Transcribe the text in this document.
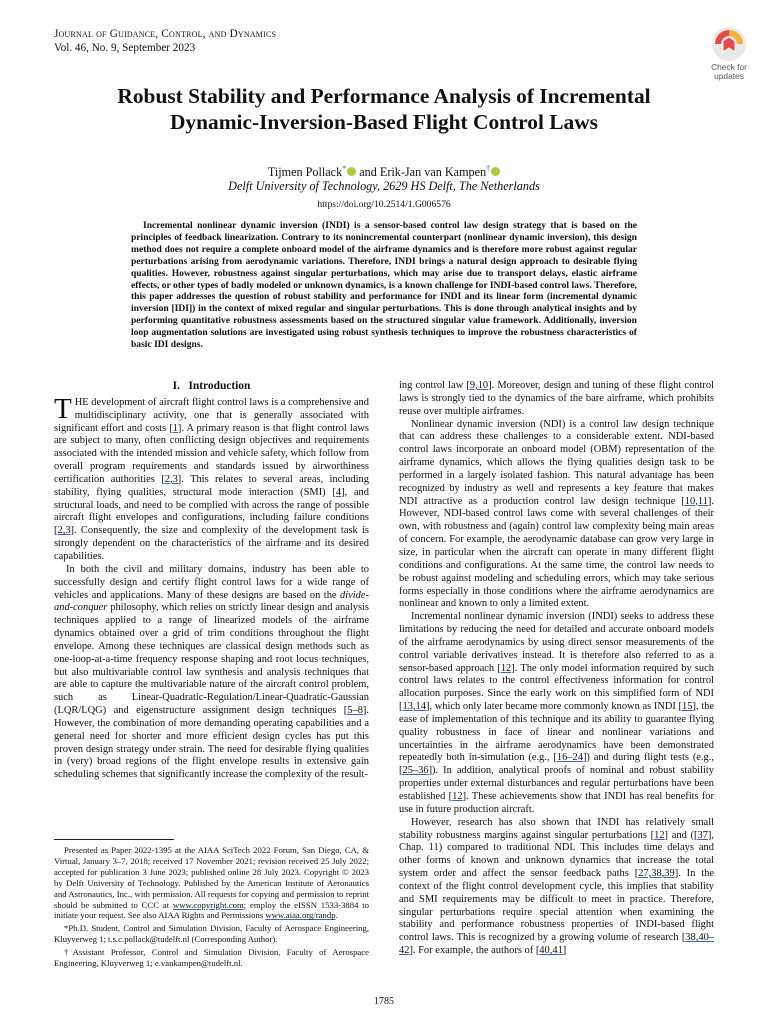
Journal of Guidance, Control, and Dynamics
Vol. 46, No. 9, September 2023
Check for
updates
Robust Stability and Performance Analysis of Incremental
Dynamic-Inversion-Based Flight Control Laws
Tijmen Pollack* and Erik-Jan van Kampen†
Delft University of Technology, 2629 HS Delft, The Netherlands
https://doi.org/10.2514/1.G006576
Incremental nonlinear dynamic inversion (INDI) is a sensor-based control law design strategy that is based on the principles of feedback linearization. Contrary to its nonincremental counterpart (nonlinear dynamic inversion), this design method does not require a complete onboard model of the airframe dynamics and is therefore more robust against regular perturbations arising from aerodynamic variations. Therefore, INDI brings a natural design approach to desirable flying qualities. However, robustness against singular perturbations, which may arise due to transport delays, elastic airframe effects, or other types of badly modeled or unknown dynamics, is a known challenge for INDI-based control laws. Therefore, this paper addresses the question of robust stability and performance for INDI and its linear form (incremental dynamic inversion [IDI]) in the context of mixed regular and singular perturbations. This is done through analytical insights and by performing quantitative robustness assessments based on the structured singular value framework. Additionally, inversion loop augmentation solutions are investigated using robust synthesis techniques to improve the robustness characteristics of basic IDI designs.
I. Introduction

THE development of aircraft flight control laws is a comprehensive and multidisciplinary activity, one that is generally associated with significant effort and costs [1]. A primary reason is that flight control laws are subject to many, often conflicting design objectives and requirements associated with the intended mission and vehicle safety, which follow from overall program requirements and standards issued by airworthiness certification authorities [2,3]. This relates to several areas, including stability, flying qualities, structural mode interaction (SMI) [4], and structural loads, and need to be complied with across the range of possible aircraft flight envelopes and configurations, including failure conditions [2,3]. Consequently, the size and complexity of the development task is strongly dependent on the characteristics of the airframe and its desired capabilities.

In both the civil and military domains, industry has been able to successfully design and certify flight control laws for a wide range of vehicles and applications. Many of these designs are based on the divide-and-conquer philosophy, which relies on strictly linear design and analysis techniques applied to a range of linearized models of the airframe dynamics obtained over a grid of trim conditions throughout the flight envelope. Among these techniques are classical design methods such as one-loop-at-a-time frequency response shaping and root locus techniques, but also multivariable control law synthesis and analysis techniques that are able to capture the multivariable nature of the aircraft control problem, such as Linear-Quadratic-Regulation/Linear-Quadratic-Gaussian (LQR/LQG) and eigenstructure assignment design techniques [5–8]. However, the combination of more demanding operating capabilities and a general need for shorter and more efficient design cycles has put this proven design strategy under strain. The need for desirable flying qualities in (very) broad regions of the flight envelope results in extensive gain scheduling schemes that significantly increase the complexity of the result-

ing control law [9,10]. Moreover, design and tuning of these flight control laws is strongly tied to the dynamics of the bare airframe, which prohibits reuse over multiple airframes.

Nonlinear dynamic inversion (NDI) is a control law design technique that can address these challenges to a considerable extent. NDI-based control laws incorporate an onboard model (OBM) representation of the airframe dynamics, which allows the flying qualities design task to be performed in a largely isolated fashion. This natural advantage has been recognized by industry as well and represents a key feature that makes NDI attractive as a production control law design technique [10,11]. However, NDI-based control laws come with several challenges of their own, with robustness and (again) control law complexity being main areas of concern. For example, the aerodynamic database can grow very large in size, in particular when the aircraft can operate in many different flight conditions and configurations. At the same time, the control law needs to be robust against modeling and scheduling errors, which may take serious forms especially in those conditions where the airframe aerodynamics are nonlinear and known to only a limited extent.

Incremental nonlinear dynamic inversion (INDI) seeks to address these limitations by reducing the need for detailed and accurate onboard models of the airframe aerodynamics by using direct sensor measurements of the control variable derivatives instead. It is therefore also referred to as a sensor-based approach [12]. The only model information required by such control laws relates to the control effectiveness information for control allocation purposes. Since the early work on this simplified form of NDI [13,14], which only later became more commonly known as INDI [15], the ease of implementation of this technique and its ability to guarantee flying quality robustness in face of linear and nonlinear variations and uncertainties in the airframe aerodynamics have been demonstrated repeatedly both in-simulation (e.g., [16–24]) and during flight tests (e.g., [25–36]). In addition, analytical proofs of nominal and robust stability properties under external disturbances and regular perturbations have been established [12]. These achievements show that INDI has real benefits for use in future production aircraft.

However, research has also shown that INDI has relatively small stability robustness margins against singular perturbations [12] and ([37], Chap. 11) compared to traditional NDI. This includes time delays and other forms of known and unknown dynamics that increase the total system order and affect the sensor feedback paths [27,38,39]. In the context of the flight control development cycle, this implies that stability and SMI requirements may be difficult to meet in practice. Therefore, singular perturbations require special attention when examining the stability and performance robustness properties of INDI-based flight control laws. This is recognized by a growing volume of research [38,40–42]. For example, the authors of [40,41]

Presented as Paper 2022-1395 at the AIAA SciTech 2022 Forum, San Diego, CA, & Virtual, January 3–7, 2018; received 17 November 2021; revision received 25 July 2022; accepted for publication 3 June 2023; published online 28 July 2023. Copyright © 2023 by Delft University of Technology. Published by the American Institute of Aeronautics and Astronautics, Inc., with permission. All requests for copying and permission to reprint should be submitted to CCC at www.copyright.com; employ the eISSN 1533-3884 to initiate your request. See also AIAA Rights and Permissions www.aiaa.org/randp.

*Ph.D. Student, Control and Simulation Division, Faculty of Aerospace Engineering, Kluyverweg 1; t.s.c.pollack@tudelft.nl (Corresponding Author).

†Assistant Professor, Control and Simulation Division, Faculty of Aerospace Engineering, Kluyverweg 1; e.vankampen@tudelft.nl.

1785
